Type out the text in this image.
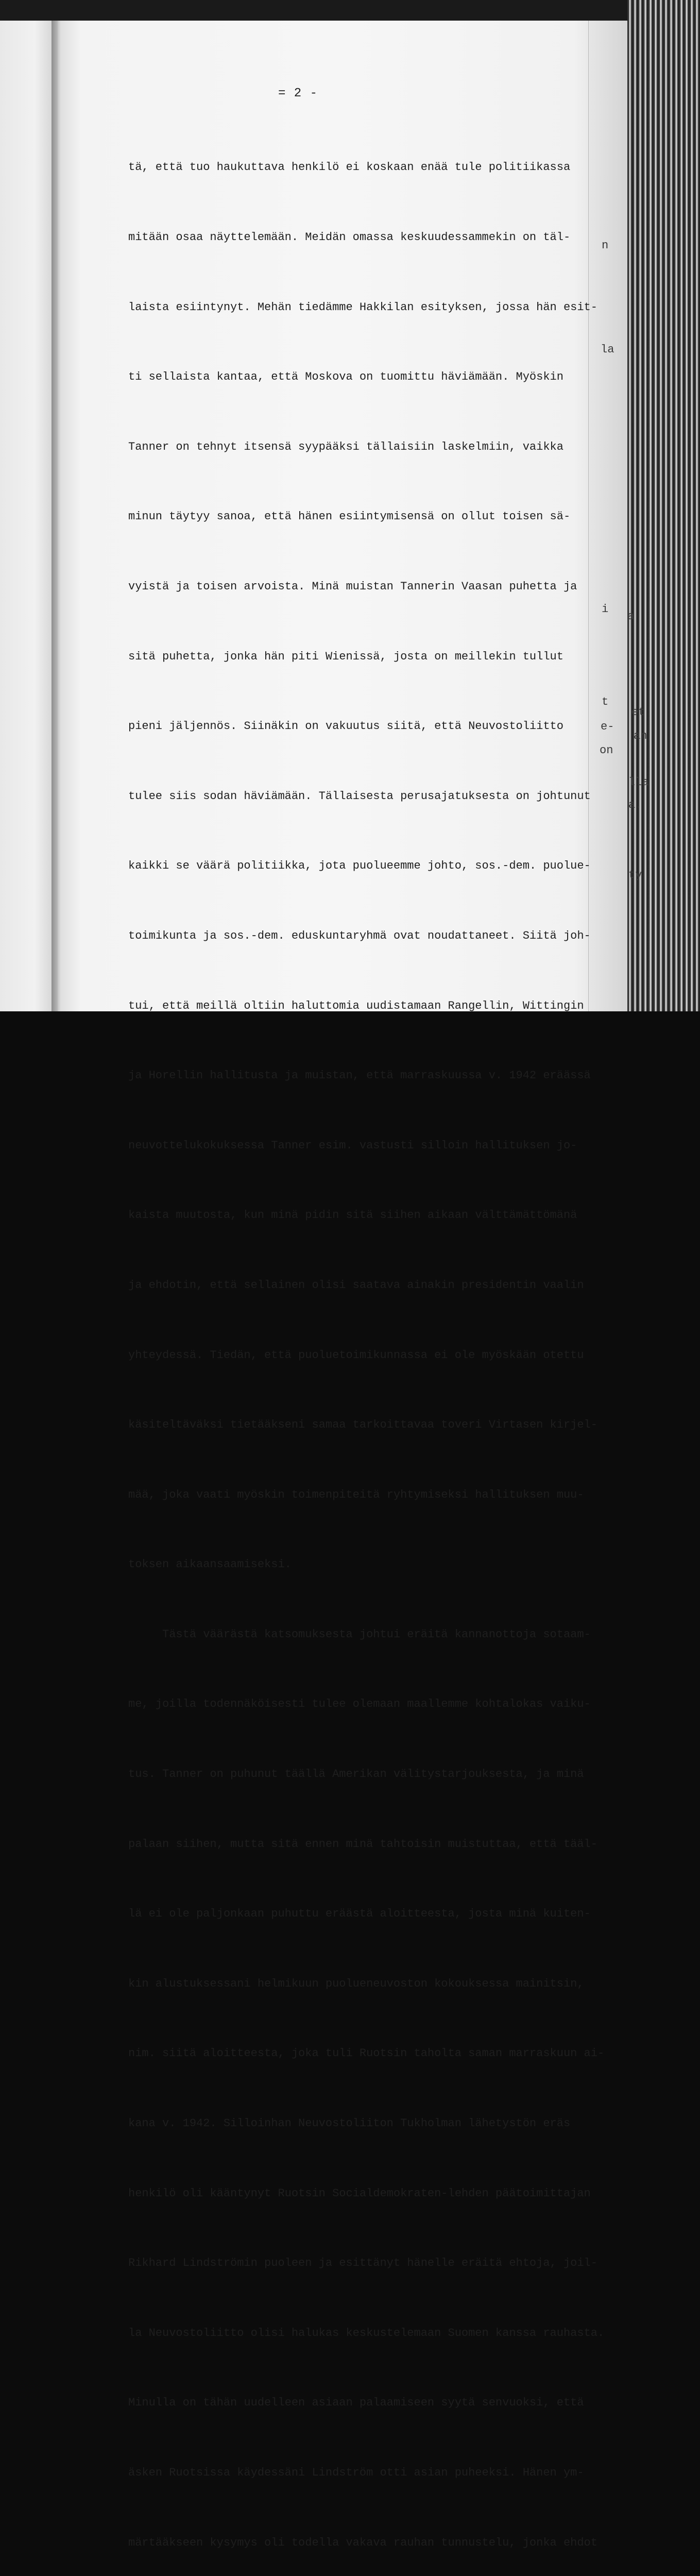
n
la
i
a
t
e-
on
et
an
lla
a.
ty
= 2 -

tä, että tuo haukuttava henkilö ei koskaan enää tule politiikassa

mitään osaa näyttelemään. Meidän omassa keskuudessammekin on täl-

laista esiintynyt. Mehän tiedämme Hakkilan esityksen, jossa hän esit-

ti sellaista kantaa, että Moskova on tuomittu häviämään. Myöskin

Tanner on tehnyt itsensä syypääksi tällaisiin laskelmiin, vaikka

minun täytyy sanoa, että hänen esiintymisensä on ollut toisen sä-

vyistä ja toisen arvoista. Minä muistan Tannerin Vaasan puhetta ja

sitä puhetta, jonka hän piti Wienissä, josta on meillekin tullut

pieni jäljennös. Siinäkin on vakuutus siitä, että Neuvostoliitto

tulee siis sodan häviämään. Tällaisesta perusajatuksesta on johtunut

kaikki se väärä politiikka, jota puolueemme johto, sos.-dem. puolue-

toimikunta ja sos.-dem. eduskuntaryhmä ovat noudattaneet. Siitä joh-

tui, että meillä oltiin haluttomia uudistamaan Rangellin, Wittingin

ja Horellin hallitusta ja muistan, että marraskuussa v. 1942 eräässä

neuvottelukokuksessa Tanner esim. vastusti silloin hallituksen jo-

kaista muutosta, kun minä pidin sitä siihen aikaan välttämättömänä

ja ehdotin, että sellainen olisi saatava ainakin presidentin vaalin

yhteydessä. Tiedän, että puoluetoimikunnassa ei ole myöskään otettu

käsiteltäväksi tietääkseni samaa tarkoittavaa toveri Virtasen kirjel-

mää, joka vaati myöskin toimenpiteitä ryhtymiseksi hallituksen muu-

toksen aikaansaamiseksi.

Tästä väärästä katsomuksesta johtui eräitä kannanottoja sotaam-

me, joilla todennäköisesti tulee olemaan maallemme kohtalokas vaiku-

tus. Tanner on puhunut täällä Amerikan välitystarjouksesta, ja minä

palaan siihen, mutta sitä ennen minä tahtoisin muistuttaa, että tääl-

lä ei ole paljonkaan puhuttu eräästä aloitteesta, josta minä kuiten-

kin alustuksessani helmikuun puolueneuvoston kokouksessa mainitsin,

nim. siitä aloitteesta, joka tuli Ruotsin taholta saman marraskuun ai-

kana v. 1942. Silloinhan Neuvostoliiton Tukholman lähetystön eräs

henkilö oli kääntynyt Ruotsin Socialdemokraten-lehden päätoimittajan

Rikhard Lindströmin puoleen ja esittänyt hänelle eräitä ehtoja, joil-

la Neuvostoliitto olisi halukas keskustelemaan Suomen kanssa rauhasta.

Minulla on tähän uudelleen asiaan palaamiseen syytä senvuoksi, että

äsken Ruotsissa käydessäni Lindström otti asian puheeksi. Hänen ym-

märtääkseen kysymys oli todella vakava rauhan tunnustelu, jonka ehdot
